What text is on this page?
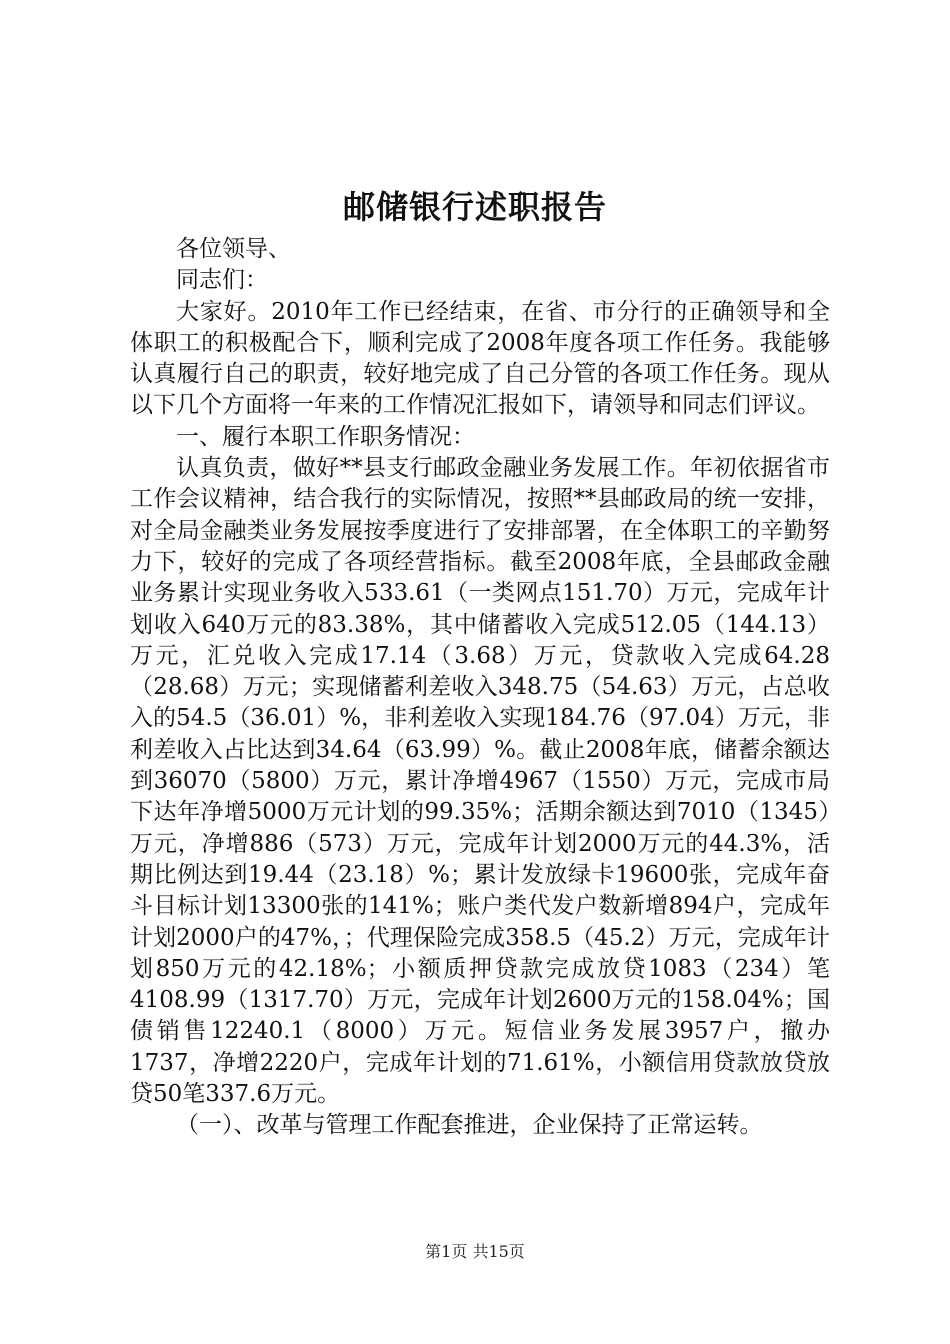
邮储银行述职报告

各位领导、

同志们：

大家好。2010年工作已经结束，在省、市分行的正确领导和全体职工的积极配合下，顺利完成了2008年度各项工作任务。我能够认真履行自己的职责，较好地完成了自己分管的各项工作任务。现从以下几个方面将一年来的工作情况汇报如下，请领导和同志们评议。

一、履行本职工作职务情况：

认真负责，做好**县支行邮政金融业务发展工作。年初依据省市工作会议精神，结合我行的实际情况，按照**县邮政局的统一安排，对全局金融类业务发展按季度进行了安排部署，在全体职工的辛勤努力下，较好的完成了各项经营指标。截至2008年底，全县邮政金融业务累计实现业务收入533.61（一类网点151.70）万元，完成年计划收入640万元的83.38%，其中储蓄收入完成512.05（144.13）万元，汇兑收入完成17.14（3.68）万元，贷款收入完成64.28（28.68）万元；实现储蓄利差收入348.75（54.63）万元，占总收入的54.5（36.01）%，非利差收入实现184.76（97.04）万元，非利差收入占比达到34.64（63.99）%。截止2008年底，储蓄余额达到36070（5800）万元，累计净增4967（1550）万元，完成市局下达年净增5000万元计划的99.35%；活期余额达到7010（1345）万元，净增886（573）万元，完成年计划2000万元的44.3%，活期比例达到19.44（23.18）%；累计发放绿卡19600张，完成年奋斗目标计划13300张的141%；账户类代发户数新增894户，完成年计划2000户的47%，；代理保险完成358.5（45.2）万元，完成年计划850万元的42.18%；小额质押贷款完成放贷1083（234）笔4108.99（1317.70）万元，完成年计划2600万元的158.04%；国债销售12240.1（8000）万元。短信业务发展3957户，撤办1737，净增2220户，完成年计划的71.61%，小额信用贷款放贷放贷50笔337.6万元。

（一）、改革与管理工作配套推进，企业保持了正常运转。

第1页 共15页
